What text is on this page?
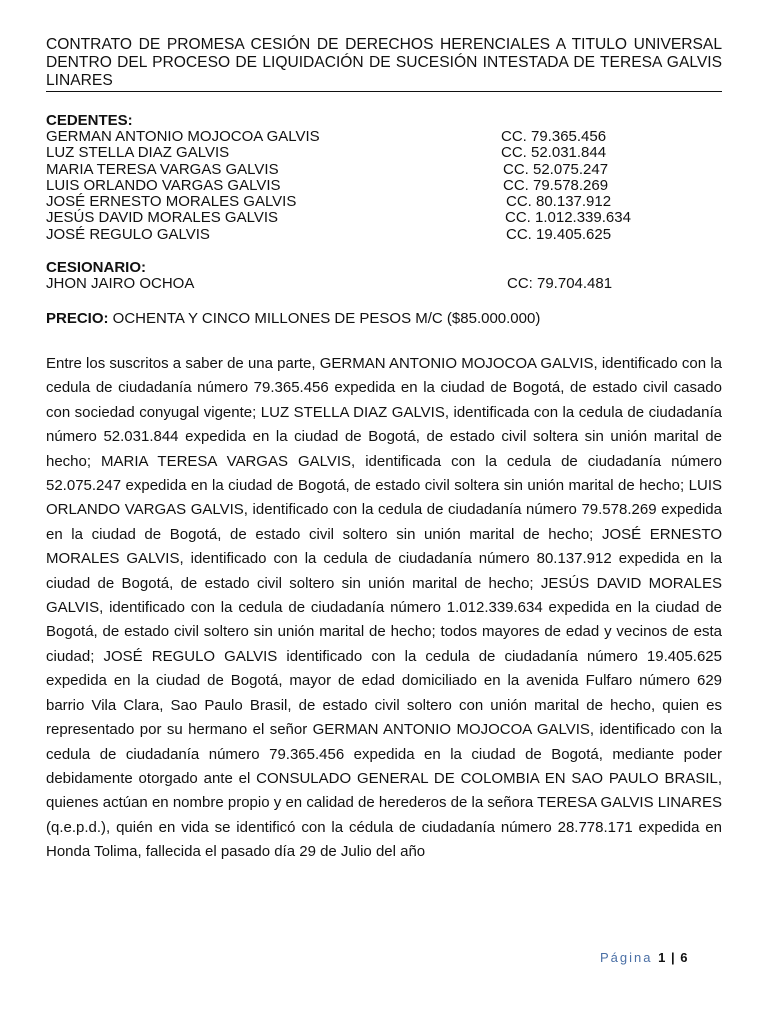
CONTRATO DE PROMESA CESIÓN DE DERECHOS HERENCIALES A TITULO UNIVERSAL DENTRO DEL PROCESO DE LIQUIDACIÓN DE SUCESIÓN INTESTADA DE TERESA GALVIS LINARES
CEDENTES:
GERMAN ANTONIO MOJOCOA GALVIS	CC. 79.365.456
LUZ STELLA DIAZ GALVIS	CC. 52.031.844
MARIA TERESA VARGAS GALVIS	CC. 52.075.247
LUIS ORLANDO VARGAS GALVIS	CC. 79.578.269
JOSÉ ERNESTO MORALES GALVIS	CC. 80.137.912
JESÚS DAVID MORALES GALVIS	CC. 1.012.339.634
JOSÉ REGULO GALVIS	CC. 19.405.625
CESIONARIO:
JHON JAIRO OCHOA	CC: 79.704.481
PRECIO: OCHENTA Y CINCO MILLONES DE PESOS M/C ($85.000.000)
Entre los suscritos a saber de una parte, GERMAN ANTONIO MOJOCOA GALVIS, identificado con la cedula de ciudadanía número 79.365.456 expedida en la ciudad de Bogotá, de estado civil casado con sociedad conyugal vigente; LUZ STELLA DIAZ GALVIS, identificada con la cedula de ciudadanía número 52.031.844 expedida en la ciudad de Bogotá, de estado civil soltera sin unión marital de hecho; MARIA TERESA VARGAS GALVIS, identificada con la cedula de ciudadanía número 52.075.247 expedida en la ciudad de Bogotá, de estado civil soltera sin unión marital de hecho; LUIS ORLANDO VARGAS GALVIS, identificado con la cedula de ciudadanía número 79.578.269 expedida en la ciudad de Bogotá, de estado civil soltero sin unión marital de hecho; JOSÉ ERNESTO MORALES GALVIS, identificado con la cedula de ciudadanía número 80.137.912 expedida en la ciudad de Bogotá, de estado civil soltero sin unión marital de hecho; JESÚS DAVID MORALES GALVIS, identificado con la cedula de ciudadanía número 1.012.339.634 expedida en la ciudad de Bogotá, de estado civil soltero sin unión marital de hecho; todos mayores de edad y vecinos de esta ciudad; JOSÉ REGULO GALVIS identificado con la cedula de ciudadanía número 19.405.625 expedida en la ciudad de Bogotá, mayor de edad domiciliado en la avenida Fulfaro número 629 barrio Vila Clara, Sao Paulo Brasil, de estado civil soltero con unión marital de hecho, quien es representado por su hermano el señor GERMAN ANTONIO MOJOCOA GALVIS, identificado con la cedula de ciudadanía número 79.365.456 expedida en la ciudad de Bogotá, mediante poder debidamente otorgado ante el CONSULADO GENERAL DE COLOMBIA EN SAO PAULO BRASIL, quienes actúan en nombre propio y en calidad de herederos de la señora TERESA GALVIS LINARES (q.e.p.d.), quién en vida se identificó con la cédula de ciudadanía número 28.778.171 expedida en Honda Tolima, fallecida el pasado día 29 de Julio del año
Página 1 | 6
